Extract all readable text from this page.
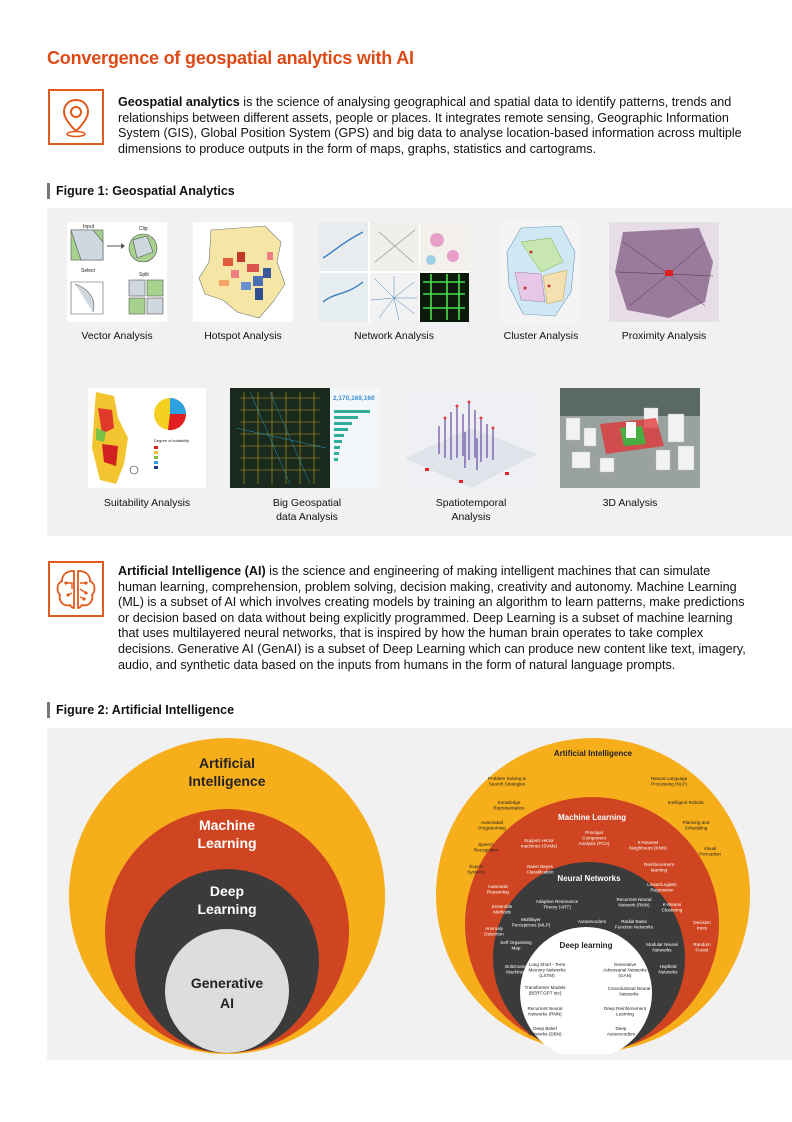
Convergence of geospatial analytics with AI
Geospatial analytics is the science of analysing geographical and spatial data to identify patterns, trends and relationships between different assets, people or places. It integrates remote sensing, Geographic Information System (GIS), Global Position System (GPS) and big data to analyse location-based information across multiple dimensions to produce outputs in the form of maps, graphs, statistics and cartograms.
Figure 1: Geospatial Analytics
Input	Clip
Select
Split
Vector Analysis	Hotspot Analysis	Network Analysis	Cluster Analysis	Proximity Analysis
Degree of suitability
2,170,169,160
Suitability Analysis	Big Geospatial
data Analysis
Spatiotemporal
Analysis
3D Analysis
Artificial Intelligence (AI) is the science and engineering of making intelligent machines that can simulate human learning, comprehension, problem solving, decision making, creativity and autonomy. Machine Learning (ML) is a subset of AI which involves creating models by training an algorithm to learn patterns, make predictions or decision based on data without being explicitly programmed. Deep Learning is a subset of machine learning that uses multilayered neural networks, that is inspired by how the human brain operates to take complex decisions. Generative AI (GenAI) is a subset of Deep Learning which can produce new content like text, imagery, audio, and synthetic data based on the inputs from humans in the form of natural language prompts.
Figure 2: Artificial Intelligence
Artificial
Intelligence
Machine
Learning
Deep
Learning
Generative
AI
Artificial Intelligence
Machine Learning
Neural Networks
Deep learning
Problem Solving & Search Strategies
Natural Language Processing (NLP)
Knowledge Representation
Intelligent Robotic
Automated Programming
Planning and Scheduling
Speech Recognition	Visual Perception
Expert Systems
Principal Component Analysis (PCA)
Support vector machines (SVMs)
K-Nearest Neighbours (KNN)
Reinforcement learning
Naive Bayes Classification
Linear/Logistic Regression
Automatic Reasoning
K-Means Clustering
Ensemble Methods
Decision trees
Anomaly Detection
Random Forest
Adaptive Resonance Theory (ART)
Recurrent Neural Network (RNN)
Multilayer Perceptrons (MLP)
Autoencoders	Radial Basis Function Networks
Self Organising Map
Modular Neural Networks
Boltzmann Machines
Hopfield Networks
Long Short - Term Memory Networks (LSTM)
Generative Adversarial Networks (GAN)
Transformer Models (BERT,GPT etc)
Convolutional Neural Networks
Recurrent Neural Networks (RNN)
Deep Reinforcement Learning
Deep Belief Networks (DBN)
Deep Autoencoders
